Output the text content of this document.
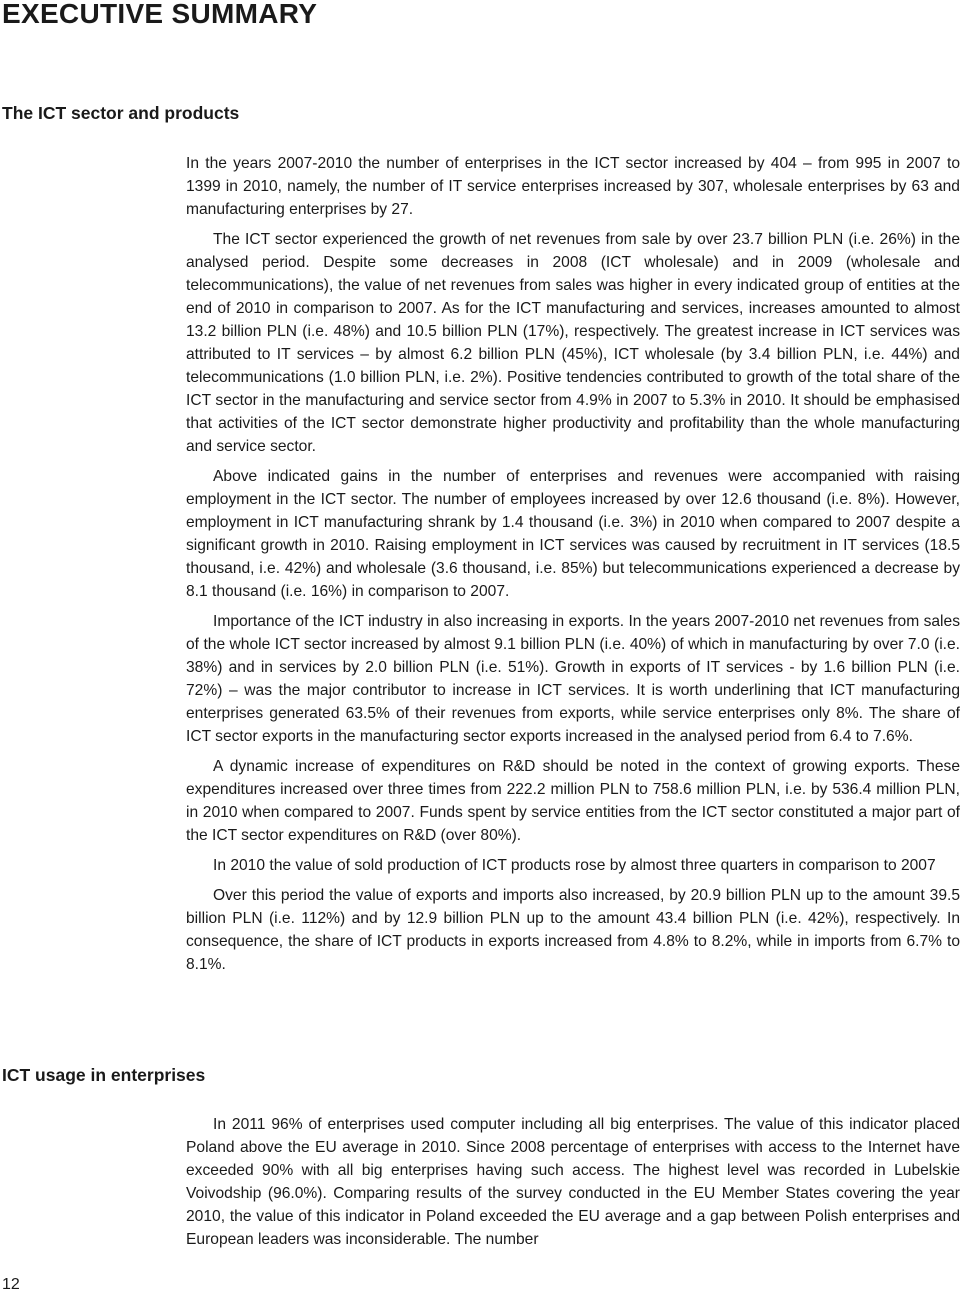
EXECUTIVE SUMMARY
The ICT sector and products

In the years 2007-2010 the number of enterprises in the ICT sector increased by 404 – from 995 in 2007 to 1399 in 2010, namely, the number of IT service enterprises increased by 307, wholesale enterprises by 63 and manufacturing enterprises by 27.

The ICT sector experienced the growth of net revenues from sale by over 23.7 billion PLN (i.e. 26%) in the analysed period. Despite some decreases in 2008 (ICT wholesale) and in 2009 (wholesale and telecommunications), the value of net revenues from sales was higher in every indicated group of entities at the end of 2010 in comparison to 2007. As for the ICT manufacturing and services, increases amounted to almost 13.2 billion PLN (i.e. 48%) and 10.5 billion PLN (17%), respectively. The greatest increase in ICT services was attributed to IT services – by almost 6.2 billion PLN (45%), ICT wholesale (by 3.4 billion PLN, i.e. 44%) and telecommunications (1.0 billion PLN, i.e. 2%). Positive tendencies contributed to growth of the total share of the ICT sector in the manufacturing and service sector from 4.9% in 2007 to 5.3% in 2010. It should be emphasised that activities of the ICT sector demonstrate higher productivity and profitability than the whole manufacturing and service sector.

Above indicated gains in the number of enterprises and revenues were accompanied with raising employment in the ICT sector. The number of employees increased by over 12.6 thousand (i.e. 8%). However, employment in ICT manufacturing shrank by 1.4 thousand (i.e. 3%) in 2010 when compared to 2007 despite a significant growth in 2010. Raising employment in ICT services was caused by recruitment in IT services (18.5 thousand, i.e. 42%) and wholesale (3.6 thousand, i.e. 85%) but telecommunications experienced a decrease by 8.1 thousand (i.e. 16%) in comparison to 2007.

Importance of the ICT industry in also increasing in exports. In the years 2007-2010 net revenues from sales of the whole ICT sector increased by almost 9.1 billion PLN (i.e. 40%) of which in manufacturing by over 7.0 (i.e. 38%) and in services by 2.0 billion PLN (i.e. 51%). Growth in exports of IT services - by 1.6 billion PLN (i.e. 72%) – was the major contributor to increase in ICT services. It is worth underlining that ICT manufacturing enterprises generated 63.5% of their revenues from exports, while service enterprises only 8%. The share of ICT sector exports in the manufacturing sector exports increased in the analysed period from 6.4 to 7.6%.

A dynamic increase of expenditures on R&D should be noted in the context of growing exports. These expenditures increased over three times from 222.2 million PLN to 758.6 million PLN, i.e. by 536.4 million PLN, in 2010 when compared to 2007. Funds spent by service entities from the ICT sector constituted a major part of the ICT sector expenditures on R&D (over 80%).

In 2010 the value of sold production of ICT products rose by almost three quarters in comparison to 2007

Over this period the value of exports and imports also increased, by 20.9 billion PLN up to the amount 39.5 billion PLN (i.e. 112%) and by 12.9 billion PLN up to the amount 43.4 billion PLN (i.e. 42%), respectively. In consequence, the share of ICT products in exports increased from 4.8% to 8.2%, while in imports from 6.7% to 8.1%.

ICT usage in enterprises

In 2011 96% of enterprises used computer including all big enterprises. The value of this indicator placed Poland above the EU average in 2010. Since 2008 percentage of enterprises with access to the Internet have exceeded 90% with all big enterprises having such access. The highest level was recorded in Lubelskie Voivodship (96.0%). Comparing results of the survey conducted in the EU Member States covering the year 2010, the value of this indicator in Poland exceeded the EU average and a gap between Polish enterprises and European leaders was inconsiderable. The number

12
